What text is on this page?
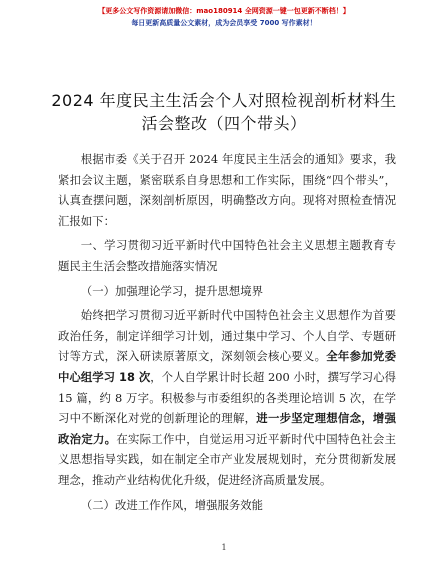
【更多公文写作资源请加微信：mao180914 全网资源一键一包更新不断档！】
每日更新高质量公文素材，成为会员享受 7000 写作素材！
2024 年度民主生活会个人对照检视剖析材料生
活会整改（四个带头）

根据市委《关于召开 2024 年度民主生活会的通知》要求，我紧扣会议主题，紧密联系自身思想和工作实际，围绕“四个带头”，认真查摆问题，深刻剖析原因，明确整改方向。现将对照检查情况汇报如下：

一、学习贯彻习近平新时代中国特色社会主义思想主题教育专题民主生活会整改措施落实情况

（一）加强理论学习，提升思想境界

始终把学习贯彻习近平新时代中国特色社会主义思想作为首要政治任务，制定详细学习计划，通过集中学习、个人自学、专题研讨等方式，深入研读原著原文，深刻领会核心要义。全年参加党委中心组学习 18 次，个人自学累计时长超 200 小时，撰写学习心得 15 篇，约 8 万字。积极参与市委组织的各类理论培训 5 次，在学习中不断深化对党的创新理论的理解，进一步坚定理想信念，增强政治定力。在实际工作中，自觉运用习近平新时代中国特色社会主义思想指导实践，如在制定全市产业发展规划时，充分贯彻新发展理念，推动产业结构优化升级，促进经济高质量发展。

（二）改进工作作风，增强服务效能

1
